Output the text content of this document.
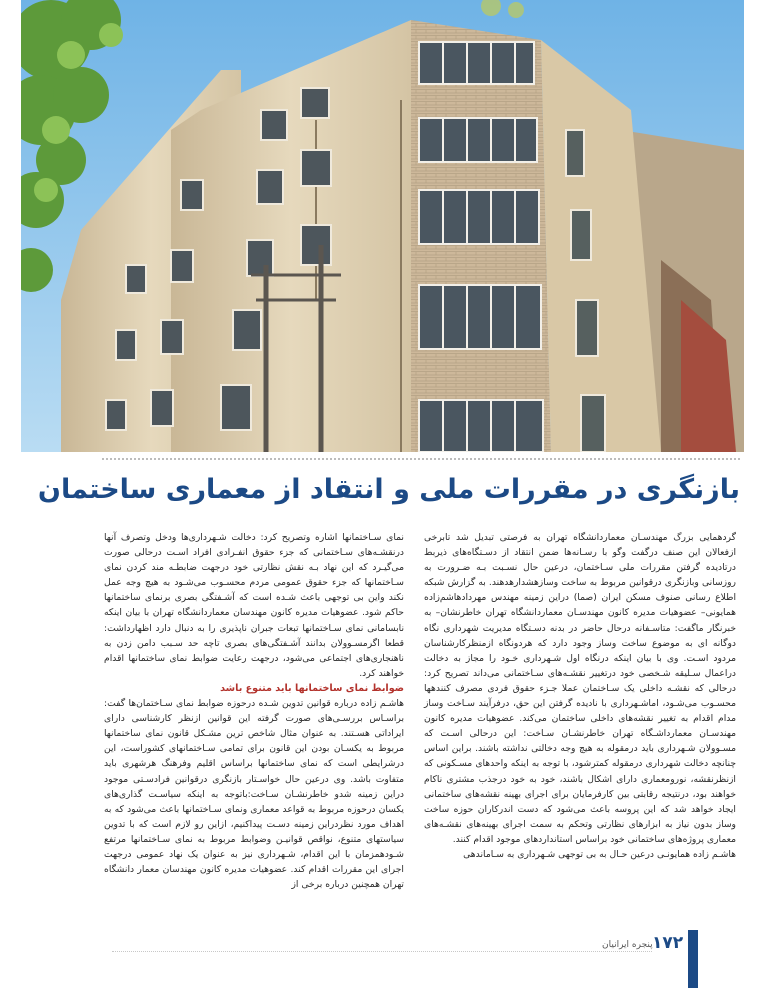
بازنگری در مقررات ملی و انتقاد از معماری ساختمان

گردهمایی بزرگ مهندسـان معماردانشگاه تهران به فرصتی تبدیل شد تابرخی ازفعالان این صنف درگفت وگو با رسـانه‌ها ضمن انتقاد از دسـتگاه‌های ذیربط درتادیده گرفتن مقررات ملی سـاختمان، درعین حال نسـبت بـه ضـرورت به روزسانی وبازنگری درقوانین مربوط به ساخت وسازهشدارهدهند. به گزارش شبکه اطلاع رسانی صنوف مسکن ایران (صما) دراین زمینه مهندس مهردادهاشم‌زاده همایونی– عضوهیات مدیره کانون مهندسـان معماردانشگاه تهران خاطرنشان– به خبرنگار ماگفت: متاسـفانه درحال حاضر در بدنه دسـتگاه مدیریت شهرداری نگاه دوگانه ای به موضوع ساخت وساز وجود دارد که هردونگاه ازمنظرکارشناسان مردود اسـت. وی با بیان اینکه درنگاه اول شـهرداری خـود را مجاز به دخالت دراعمال سـلیقه شـخصی خود درتغییر نقشـه‌های سـاختمانی می‌داند تصریح کرد: درحالی که نقشـه داخلی یک سـاختمان عملا جـزء حقوق فردی مصرف کنندهها محسـوب می‌شـود، اماشـهرداری با نادیده گرفتن این حق، درفرآیند سـاخت وساز مدام اقدام به تغییر نقشه‌های داخلی ساختمان می‌کند. عضوهیات مدیره کانون مهندسـان معمارداشـگاه تهران خاطرنشـان سـاخت: این درحالی اسـت که مسـوولان شـهرداری باید درمقوله به هیچ وجه دخالتی نداشته باشند. براین اساس چنانچه دخالت شهرداری درمقوله کمترشود، با توجه به اینکه واحدهای مسـکونی که ازنظرنقشه، نورومعماری دارای اشکال باشند، خود به خود درجذب مشتری ناکام خواهند بود، درنتیجه رقابتی بین کارفرمایان برای اجرای بهینه نقشه‌های ساختمانی ایجاد خواهد شد که این پروسه باعث می‌شود که دست اندرکاران حوزه ساخت وساز بدون نیاز به ابزارهای نظارتی وتحکم به سمت اجرای بهینه‌های نقشـه‌های معماری پروژه‌های ساختمانی خود براساس استانداردهای موجود اقدام کنند.

هاشـم زاده همایونـی درعین حـال به بی توجهی شـهرداری به سـاماندهی

نمای سـاختمانها اشاره وتصریح کرد: دخالت شـهرداری‌ها ودخل وتصرف آنها درنقشـه‌های سـاختمانی که جزء حقوق انفـرادی افراد اسـت درحالی صورت می‌گیـرد که این نهاد بـه نقش نظارتی خود درجهت ضابطـه مند کردن نمای سـاختمانها که جزء حقوق عمومی مردم محسـوب می‌شـود به هیچ وجه عمل نکند واین بی توجهی باعث شـده است که آشـفتگی بصری برنمای ساختمانها حاکم شود. عضوهیات مدیره کانون مهندسان معماردانشگاه تهران با بیان اینکه نابسامانی نمای سـاختمانها تبعات جبران ناپذیری را به دنبال دارد اظهارداشت: قطعا اگرمسـوولان بدانند آشـفتگی‌های بصری تاچه حد سـبب دامن زدن به ناهنجاری‌های اجتماعی می‌شود، درجهت رعایت ضوابط نمای ساختمانها اقدام خواهند کرد.

ضوابط نمای ساختمانها باید متنوع باشد

هاشـم زاده درباره قوانین تدوین شـده درحوزه ضوابط نمای سـاختمان‌ها گفت: براسـاس بررسـی‌های صورت گرفته این قوانین ازنظر کارشناسی دارای ایراداتی هسـتند. به عنوان مثال شاخص ترین مشـکل قانون نمای ساختمانها مربوط به یکسـان بودن این قانون برای تمامی سـاختمانهای کشوراست، این درشرایطی است که نمای ساختمانها براساس اقلیم وفرهنگ هرشهری باید متفاوت باشد. وی درعین حال خواسـتار بازنگری درقوانین فرادسـتی موجود دراین زمینه شدو خاطرنشـان سـاخت:باتوجه به اینکه سیاسـت گذاری‌های یکسان درحوزه مربوط به قواعد معماری ونمای سـاختمانها باعث می‌شود که به اهداف مورد نظردراین زمینه دسـت پیداکنیم، ازاین رو لازم است که با تدوین سیاستهای متنوع، نواقص قوانیـن وضوابط مربوط به نمای سـاختمانها مرتفع شـودهمزمان با این اقدام، شـهرداری نیز به عنوان یک نهاد عمومی درجهت اجرای این مقررات اقدام کند. عضوهیات مدیره کانون مهندسان معمار دانشگاه تهران همچنین درباره برخی از

پنجره ایرانیان ۱۷۲
